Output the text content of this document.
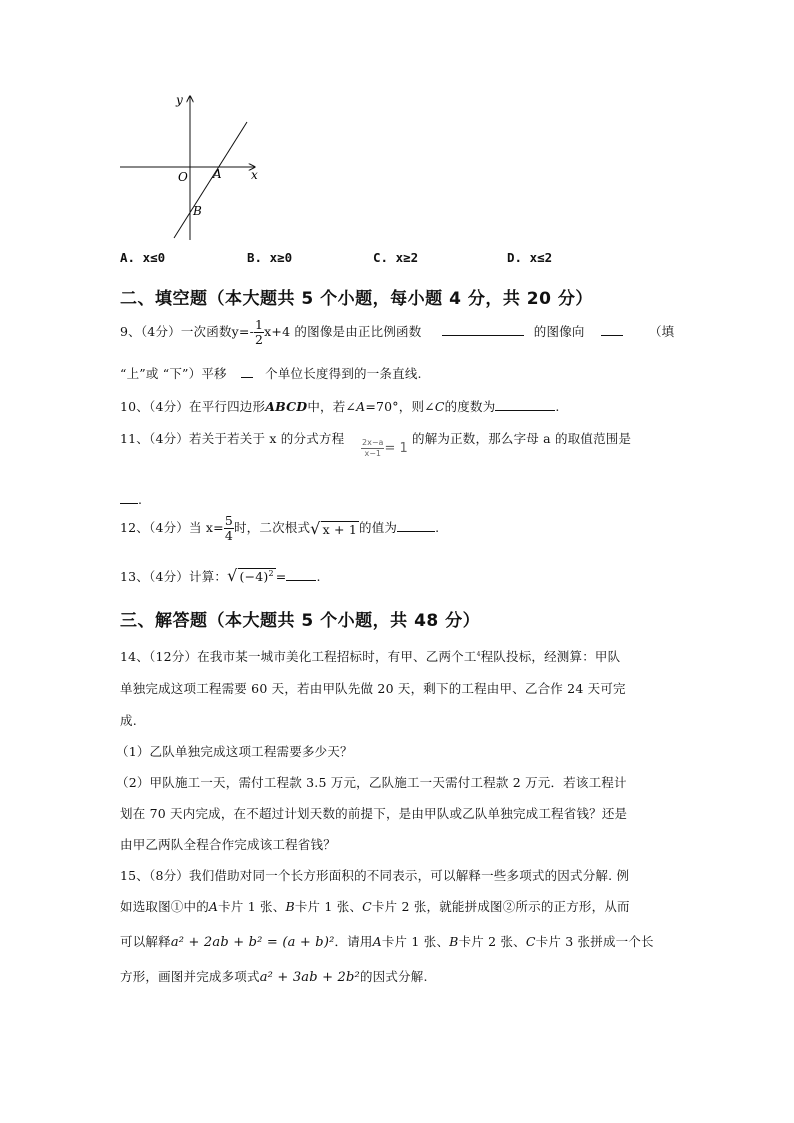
y
x
O A
B
A. x≤0	B. x≥0	C. x≥2	D. x≤2
二、填空题（本大题共 5 个小题，每小题 4 分，共 20 分）
9、（4分）一次函数$y=- \frac{1}{2} x+4$ 的图像是由正比例函数	的图像向	（填
“上”或 “下”）平移	个单位长度得到的一条直线.
10、（4分）在平行四边形ABCD中，若∠A=70°，则∠C的度数为	.
11、（4分）若关于若关于 x 的分式方程 $\frac{2x-a}{x-1} = 1$
的解为正数，那么字母 a 的取值范围是
.
12、（4分）当 $x= \frac{5}{4}$ 时，二次根式√ x + 1 的值为	.
13、（4分）计算：√ $(-4)^2$ = .
三、解答题（本大题共 5 个小题，共 48 分）
14、（12分）在我市某一城市美化工程招标时，有甲、乙两个工$^4$程队投标，经测算：甲队
单独完成这项工程需要 60 天，若由甲队先做 20 天，剩下的工程由甲、乙合作 24 天可完
成.
（1）乙队单独完成这项工程需要多少天？
（2）甲队施工一天，需付工程款 3.5 万元，乙队施工一天需付工程款 2 万元．若该工程计
划在 70 天内完成，在不超过计划天数的前提下，是由甲队或乙队单独完成工程省钱？还是
由甲乙两队全程合作完成该工程省钱？
15、（8分）我们借助对同一个长方形面积的不同表示，可以解释一些多项式的因式分解. 例
如选取图①中的A卡片 1 张、B卡片 1 张、C卡片 2 张，就能拼成图②所示的正方形，从而
可以解释a² + 2ab + b² = (a + b)²．请用A卡片 1 张、B卡片 2 张、C卡片 3 张拼成一个长
方形，画图并完成多项式a² + 3ab + 2b²的因式分解.
